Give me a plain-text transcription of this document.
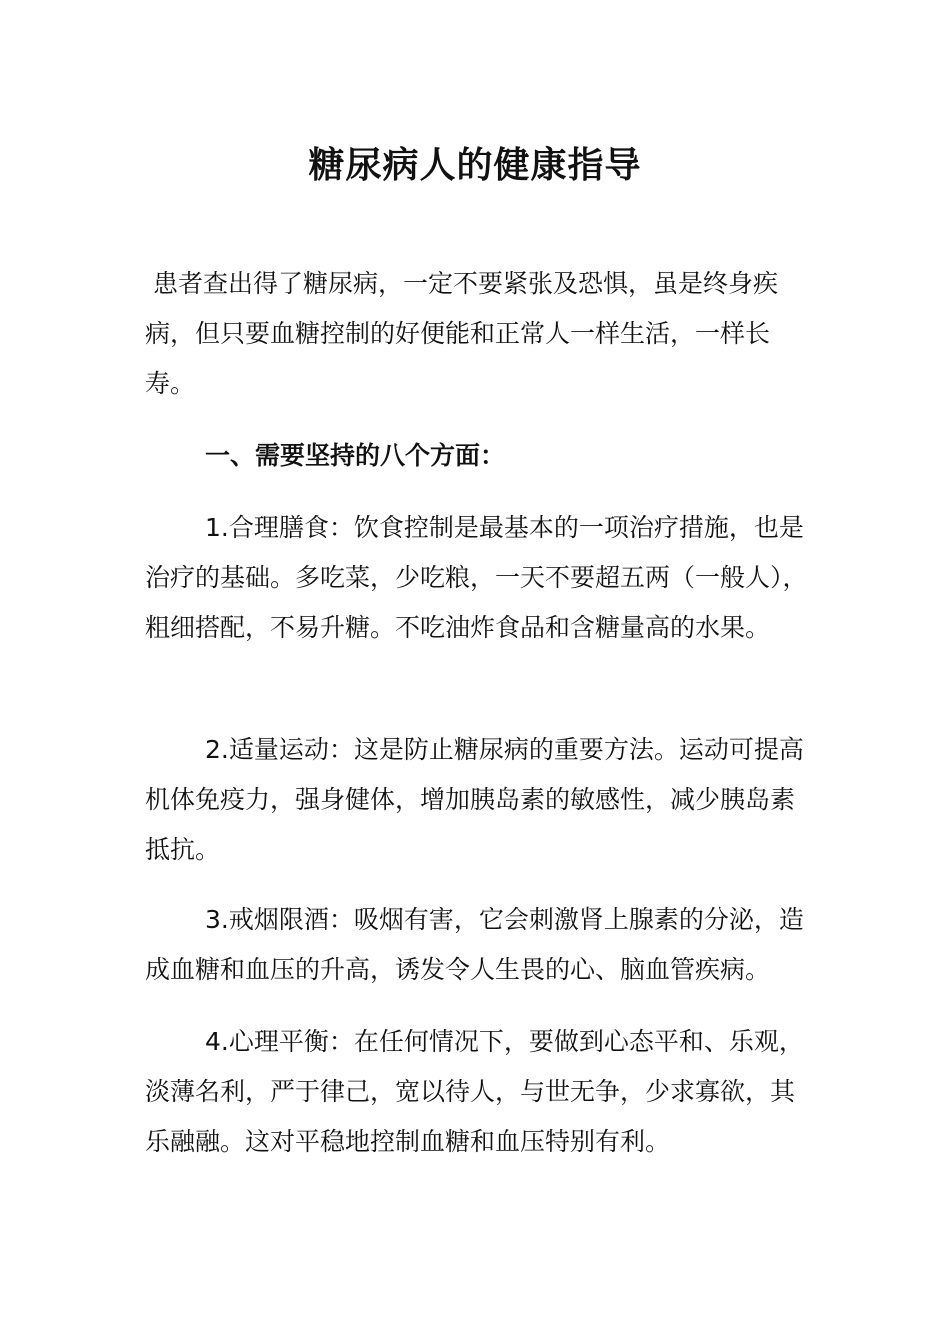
糖尿病人的健康指导

患者查出得了糖尿病，一定不要紧张及恐惧，虽是终身疾病，但只要血糖控制的好便能和正常人一样生活，一样长寿。

一、需要坚持的八个方面：

1.合理膳食：饮食控制是最基本的一项治疗措施，也是治疗的基础。多吃菜，少吃粮，一天不要超五两（一般人），粗细搭配，不易升糖。不吃油炸食品和含糖量高的水果。

2.适量运动：这是防止糖尿病的重要方法。运动可提高机体免疫力，强身健体，增加胰岛素的敏感性，减少胰岛素抵抗。

3.戒烟限酒：吸烟有害，它会刺激肾上腺素的分泌，造成血糖和血压的升高，诱发令人生畏的心、脑血管疾病。

4.心理平衡：在任何情况下，要做到心态平和、乐观，淡薄名利，严于律己，宽以待人，与世无争，少求寡欲，其乐融融。这对平稳地控制血糖和血压特别有利。
